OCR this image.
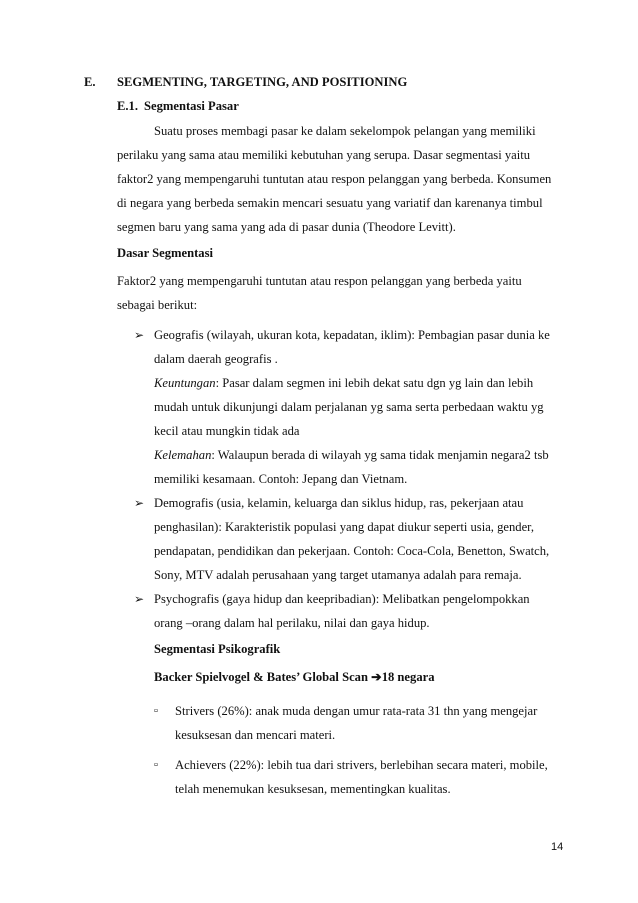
E. SEGMENTING, TARGETING, AND POSITIONING
E.1. Segmentasi Pasar
Suatu proses membagi pasar ke dalam sekelompok pelangan yang memiliki
perilaku yang sama atau memiliki kebutuhan yang serupa. Dasar segmentasi yaitu
faktor2 yang mempengaruhi tuntutan atau respon pelanggan yang berbeda. Konsumen
di negara yang berbeda semakin mencari sesuatu yang variatif dan karenanya timbul
segmen baru yang sama yang ada di pasar dunia (Theodore Levitt).
Dasar Segmentasi
Faktor2 yang mempengaruhi tuntutan atau respon pelanggan yang berbeda yaitu
sebagai berikut:
➢ Geografis (wilayah, ukuran kota, kepadatan, iklim): Pembagian pasar dunia ke
dalam daerah geografis .
Keuntungan: Pasar dalam segmen ini lebih dekat satu dgn yg lain dan lebih
mudah untuk dikunjungi dalam perjalanan yg sama serta perbedaan waktu yg
kecil atau mungkin tidak ada
Kelemahan: Walaupun berada di wilayah yg sama tidak menjamin negara2 tsb
memiliki kesamaan. Contoh: Jepang dan Vietnam.
➢ Demografis (usia, kelamin, keluarga dan siklus hidup, ras, pekerjaan atau
penghasilan): Karakteristik populasi yang dapat diukur seperti usia, gender,
pendapatan, pendidikan dan pekerjaan. Contoh: Coca-Cola, Benetton, Swatch,
Sony, MTV adalah perusahaan yang target utamanya adalah para remaja.
➢ Psychografis (gaya hidup dan keepribadian): Melibatkan pengelompokkan
orang –orang dalam hal perilaku, nilai dan gaya hidup.
Segmentasi Psikografik
Backer Spielvogel & Bates’ Global Scan ➔18 negara
▫ Strivers (26%): anak muda dengan umur rata-rata 31 thn yang mengejar
kesuksesan dan mencari materi.
▫ Achievers (22%): lebih tua dari strivers, berlebihan secara materi, mobile,
telah menemukan kesuksesan, mementingkan kualitas.
14
